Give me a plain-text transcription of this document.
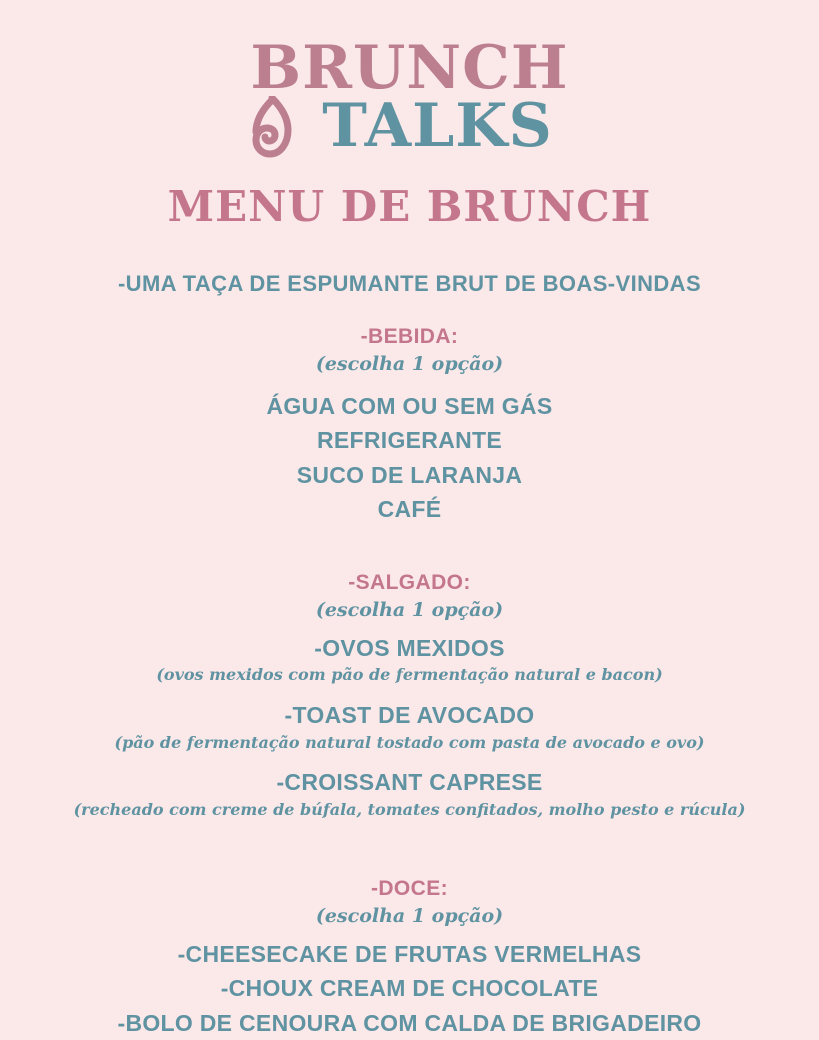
BRUNCH
TALKS
MENU DE BRUNCH
-UMA TAÇA DE ESPUMANTE BRUT DE BOAS-VINDAS
-BEBIDA:
(escolha 1 opção)
ÁGUA COM OU SEM GÁS
REFRIGERANTE
SUCO DE LARANJA
CAFÉ
-SALGADO:
(escolha 1 opção)
-OVOS MEXIDOS
(ovos mexidos com pão de fermentação natural e bacon)
-TOAST DE AVOCADO
(pão de fermentação natural tostado com pasta de avocado e ovo)
-CROISSANT CAPRESE
(recheado com creme de búfala, tomates confitados, molho pesto e rúcula)
-DOCE:
(escolha 1 opção)
-CHEESECAKE DE FRUTAS VERMELHAS
-CHOUX CREAM DE CHOCOLATE
-BOLO DE CENOURA COM CALDA DE BRIGADEIRO
